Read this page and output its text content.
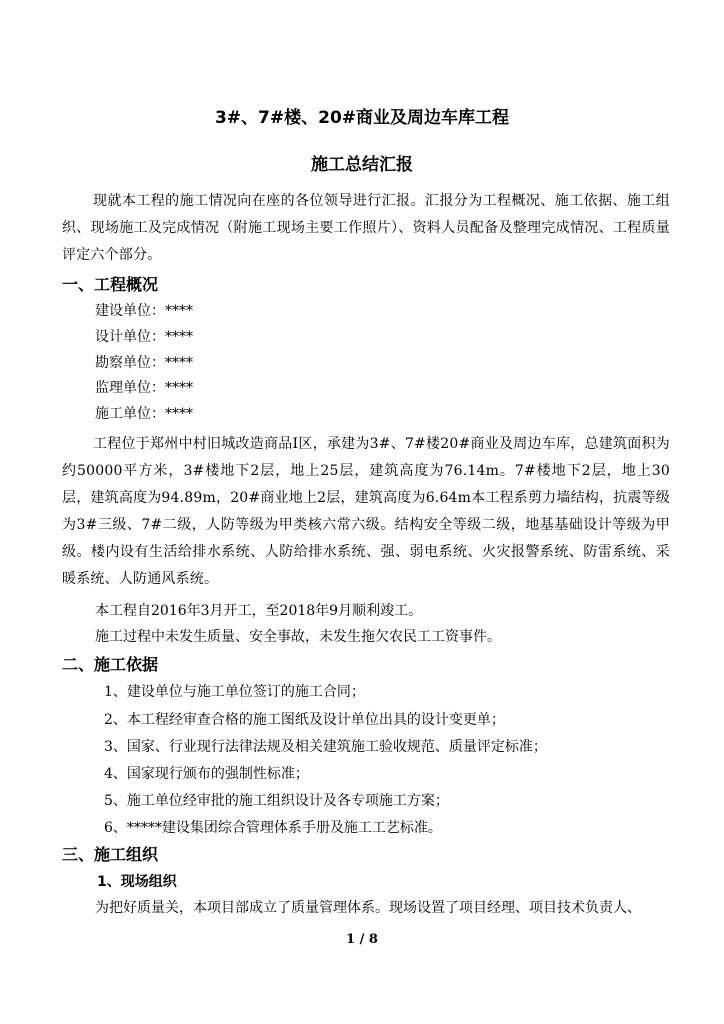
3#、7#楼、20#商业及周边车库工程
施工总结汇报
现就本工程的施工情况向在座的各位领导进行汇报。汇报分为工程概况、施工依据、施工组织、现场施工及完成情况（附施工现场主要工作照片）、资料人员配备及整理完成情况、工程质量评定六个部分。
一、工程概况
建设单位：****
设计单位：****
勘察单位：****
监理单位：****
施工单位：****
工程位于郑州中村旧城改造商品Ⅰ区，承建为3#、7#楼20#商业及周边车库，总建筑面积为约50000平方米，3#楼地下2层，地上25层，建筑高度为76.14m。7#楼地下2层，地上30层，建筑高度为94.89m，20#商业地上2层，建筑高度为6.64m本工程系剪力墙结构，抗震等级为3#三级、7#二级，人防等级为甲类核六常六级。结构安全等级二级，地基基础设计等级为甲级。楼内设有生活给排水系统、人防给排水系统、强、弱电系统、火灾报警系统、防雷系统、采暖系统、人防通风系统。
本工程自2016年3月开工，至2018年9月顺利竣工。
施工过程中未发生质量、安全事故，未发生拖欠农民工工资事件。
二、施工依据
1、建设单位与施工单位签订的施工合同；
2、本工程经审查合格的施工图纸及设计单位出具的设计变更单；
3、国家、行业现行法律法规及相关建筑施工验收规范、质量评定标准；
4、国家现行颁布的强制性标准；
5、施工单位经审批的施工组织设计及各专项施工方案；
6、*****建设集团综合管理体系手册及施工工艺标准。
三、施工组织
1、现场组织
为把好质量关，本项目部成立了质量管理体系。现场设置了项目经理、项目技术负责人、
1 / 8
